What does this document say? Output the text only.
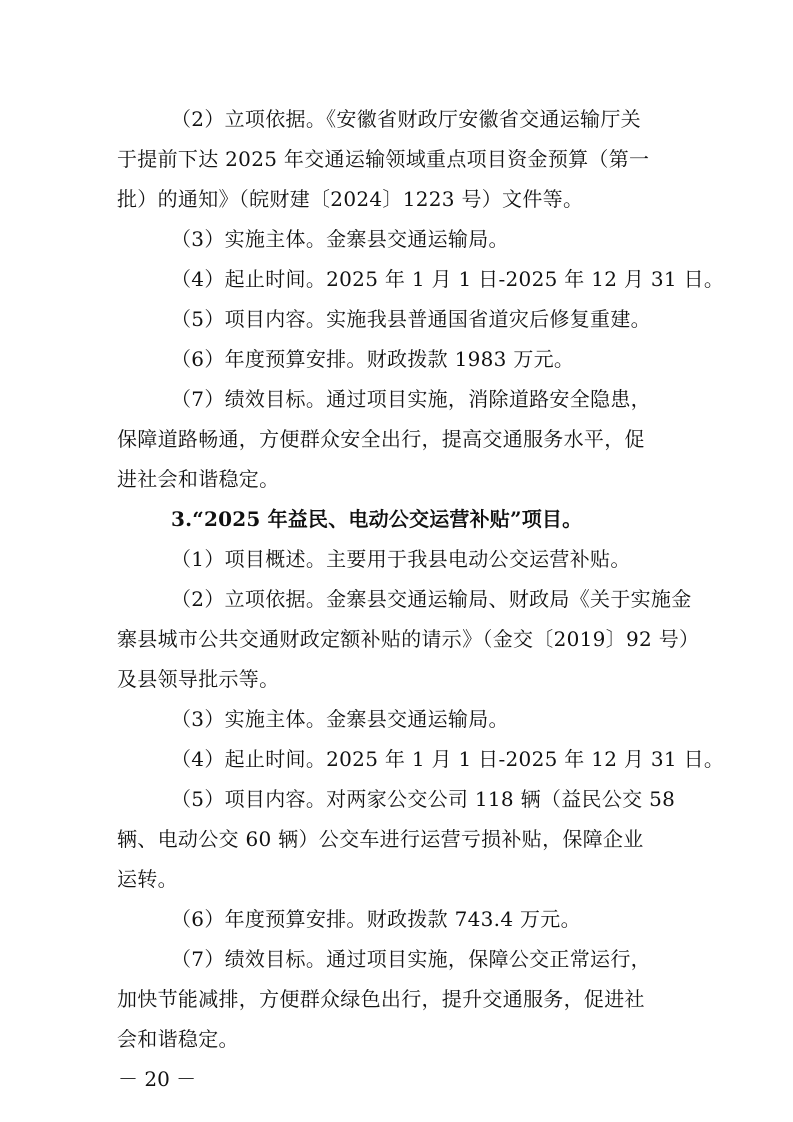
（2）立项依据。《安徽省财政厅安徽省交通运输厅关
于提前下达 2025 年交通运输领域重点项目资金预算（第一
批）的通知》（皖财建〔2024〕1223 号）文件等。
（3）实施主体。金寨县交通运输局。
（4）起止时间。2025 年 1 月 1 日-2025 年 12 月 31 日。
（5）项目内容。实施我县普通国省道灾后修复重建。
（6）年度预算安排。财政拨款 1983 万元。
（7）绩效目标。通过项目实施，消除道路安全隐患，
保障道路畅通，方便群众安全出行，提高交通服务水平，促
进社会和谐稳定。
3.“2025 年益民、电动公交运营补贴”项目。
（1）项目概述。主要用于我县电动公交运营补贴。
（2）立项依据。金寨县交通运输局、财政局《关于实施金
寨县城市公共交通财政定额补贴的请示》（金交〔2019〕92 号）
及县领导批示等。
（3）实施主体。金寨县交通运输局。
（4）起止时间。2025 年 1 月 1 日-2025 年 12 月 31 日。
（5）项目内容。对两家公交公司 118 辆（益民公交 58
辆、电动公交 60 辆）公交车进行运营亏损补贴，保障企业
运转。
（6）年度预算安排。财政拨款 743.4 万元。
（7）绩效目标。通过项目实施，保障公交正常运行，
加快节能减排，方便群众绿色出行，提升交通服务，促进社
会和谐稳定。
－ 20 －
